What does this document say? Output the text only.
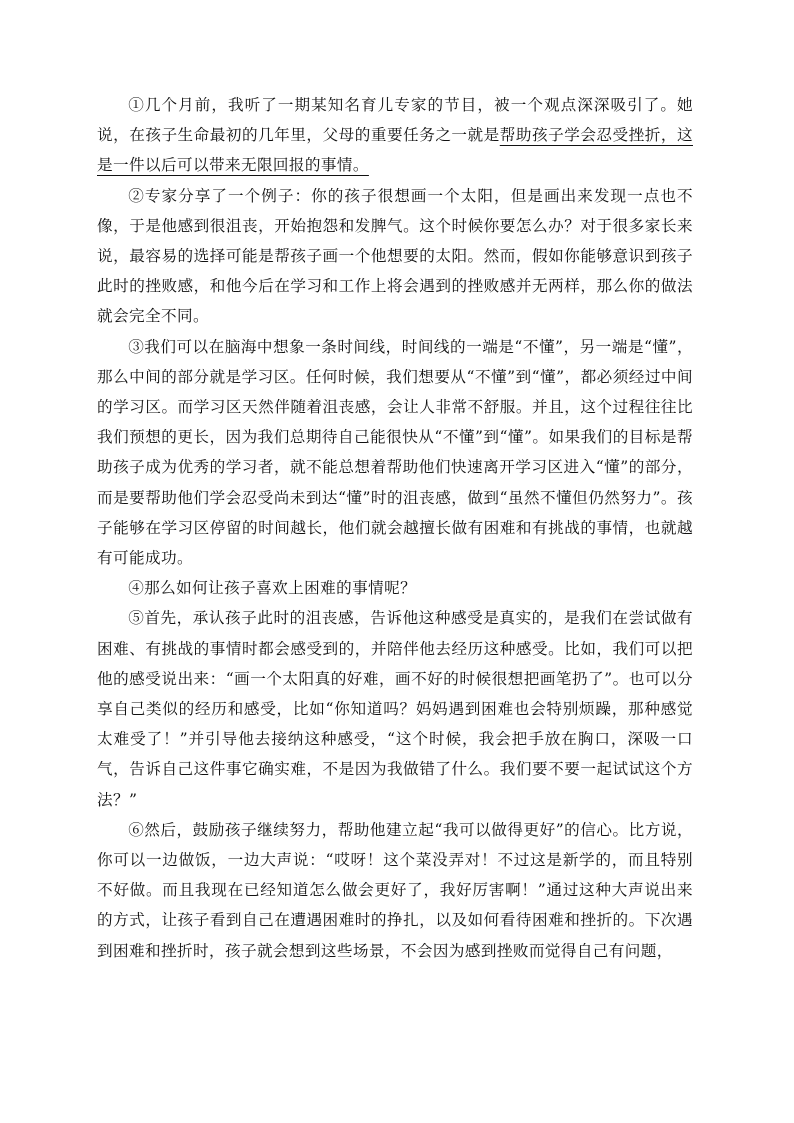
①几个月前，我听了一期某知名育儿专家的节目，被一个观点深深吸引了。她说，在孩子生命最初的几年里，父母的重要任务之一就是帮助孩子学会忍受挫折，这是一件以后可以带来无限回报的事情。

②专家分享了一个例子：你的孩子很想画一个太阳，但是画出来发现一点也不像，于是他感到很沮丧，开始抱怨和发脾气。这个时候你要怎么办？对于很多家长来说，最容易的选择可能是帮孩子画一个他想要的太阳。然而，假如你能够意识到孩子此时的挫败感，和他今后在学习和工作上将会遇到的挫败感并无两样，那么你的做法就会完全不同。

③我们可以在脑海中想象一条时间线，时间线的一端是“不懂”，另一端是“懂”，那么中间的部分就是学习区。任何时候，我们想要从“不懂”到“懂”，都必须经过中间的学习区。而学习区天然伴随着沮丧感，会让人非常不舒服。并且，这个过程往往比我们预想的更长，因为我们总期待自己能很快从“不懂”到“懂”。如果我们的目标是帮助孩子成为优秀的学习者，就不能总想着帮助他们快速离开学习区进入“懂”的部分，而是要帮助他们学会忍受尚未到达“懂”时的沮丧感，做到“虽然不懂但仍然努力”。孩子能够在学习区停留的时间越长，他们就会越擅长做有困难和有挑战的事情，也就越有可能成功。

④那么如何让孩子喜欢上困难的事情呢？

⑤首先，承认孩子此时的沮丧感，告诉他这种感受是真实的，是我们在尝试做有困难、有挑战的事情时都会感受到的，并陪伴他去经历这种感受。比如，我们可以把他的感受说出来：“画一个太阳真的好难，画不好的时候很想把画笔扔了”。也可以分享自己类似的经历和感受，比如“你知道吗？妈妈遇到困难也会特别烦躁，那种感觉太难受了！”并引导他去接纳这种感受，“这个时候，我会把手放在胸口，深吸一口气，告诉自己这件事它确实难，不是因为我做错了什么。我们要不要一起试试这个方法？”

⑥然后，鼓励孩子继续努力，帮助他建立起“我可以做得更好”的信心。比方说，你可以一边做饭，一边大声说：“哎呀！这个菜没弄对！不过这是新学的，而且特别不好做。而且我现在已经知道怎么做会更好了，我好厉害啊！”通过这种大声说出来的方式，让孩子看到自己在遭遇困难时的挣扎，以及如何看待困难和挫折的。下次遇到困难和挫折时，孩子就会想到这些场景，不会因为感到挫败而觉得自己有问题，
